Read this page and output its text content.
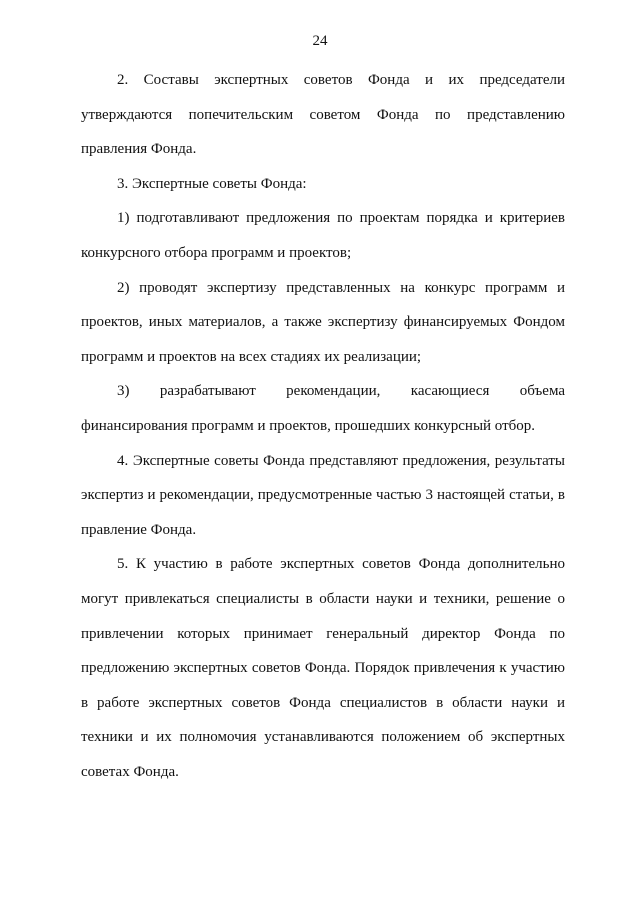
24

2. Составы экспертных советов Фонда и их председатели утверждаются попечительским советом Фонда по представлению правления Фонда.

3. Экспертные советы Фонда:

1) подготавливают предложения по проектам порядка и критериев конкурсного отбора программ и проектов;

2) проводят экспертизу представленных на конкурс программ и проектов, иных материалов, а также экспертизу финансируемых Фондом программ и проектов на всех стадиях их реализации;

3) разрабатывают рекомендации, касающиеся объема финансирования программ и проектов, прошедших конкурсный отбор.

4. Экспертные советы Фонда представляют предложения, результаты экспертиз и рекомендации, предусмотренные частью 3 настоящей статьи, в правление Фонда.

5. К участию в работе экспертных советов Фонда дополнительно могут привлекаться специалисты в области науки и техники, решение о привлечении которых принимает генеральный директор Фонда по предложению экспертных советов Фонда. Порядок привлечения к участию в работе экспертных советов Фонда специалистов в области науки и техники и их полномочия устанавливаются положением об экспертных советах Фонда.
